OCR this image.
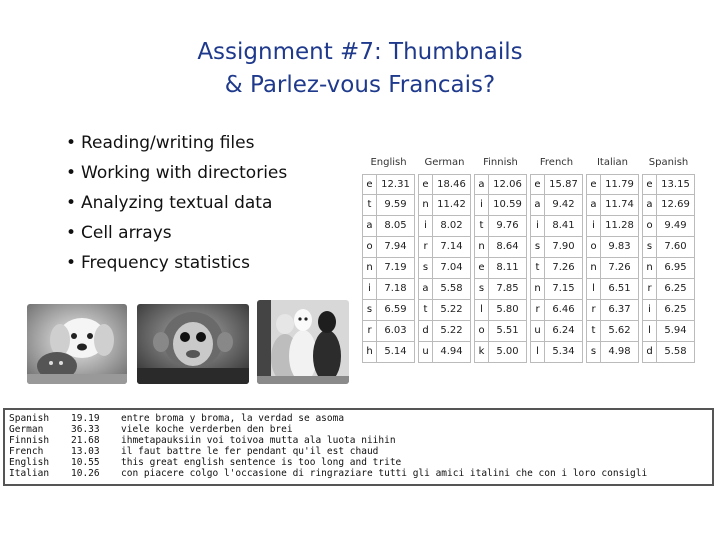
Assignment #7: Thumbnails
& Parlez-vous Francais?
• Reading/writing files
• Working with directories
• Analyzing textual data
• Cell arrays
• Frequency statistics
English
e 12.31
t	9.59
a	8.05
o	7.94
n	7.19
i	7.18
s	6.59
r	6.03
h	5.14
German
e 18.46
n 11.42
i	8.02
r	7.14
s	7.04
a	5.58
t	5.22
d	5.22
u	4.94
Finnish
a 12.06
i	10.59
t	9.76
n	8.64
e	8.11
s	7.85
l	5.80
o	5.51
k	5.00
French
e 15.87
a	9.42
i	8.41
s	7.90
t	7.26
n	7.15
r	6.46
u	6.24
l	5.34
Italian
e 11.79
a 11.74
i	11.28
o	9.83
n	7.26
l	6.51
r	6.37
t	5.62
s	4.98
Spanish
e 13.15
a 12.69
o	9.49
s	7.60
n	6.95
r	6.25
i	6.25
l	5.94
d	5.58
Spanish	19.19	entre broma y broma, la verdad se asoma
German	36.33	viele koche verderben den brei
Finnish	21.68	ihmetapauksiin voi toivoa mutta ala luota niihin
French	13.03	il faut battre le fer pendant qu'il est chaud
English	10.55	this great english sentence is too long and trite
Italian	10.26	con piacere colgo l'occasione di ringraziare tutti gli amici italini che con i loro consigli
